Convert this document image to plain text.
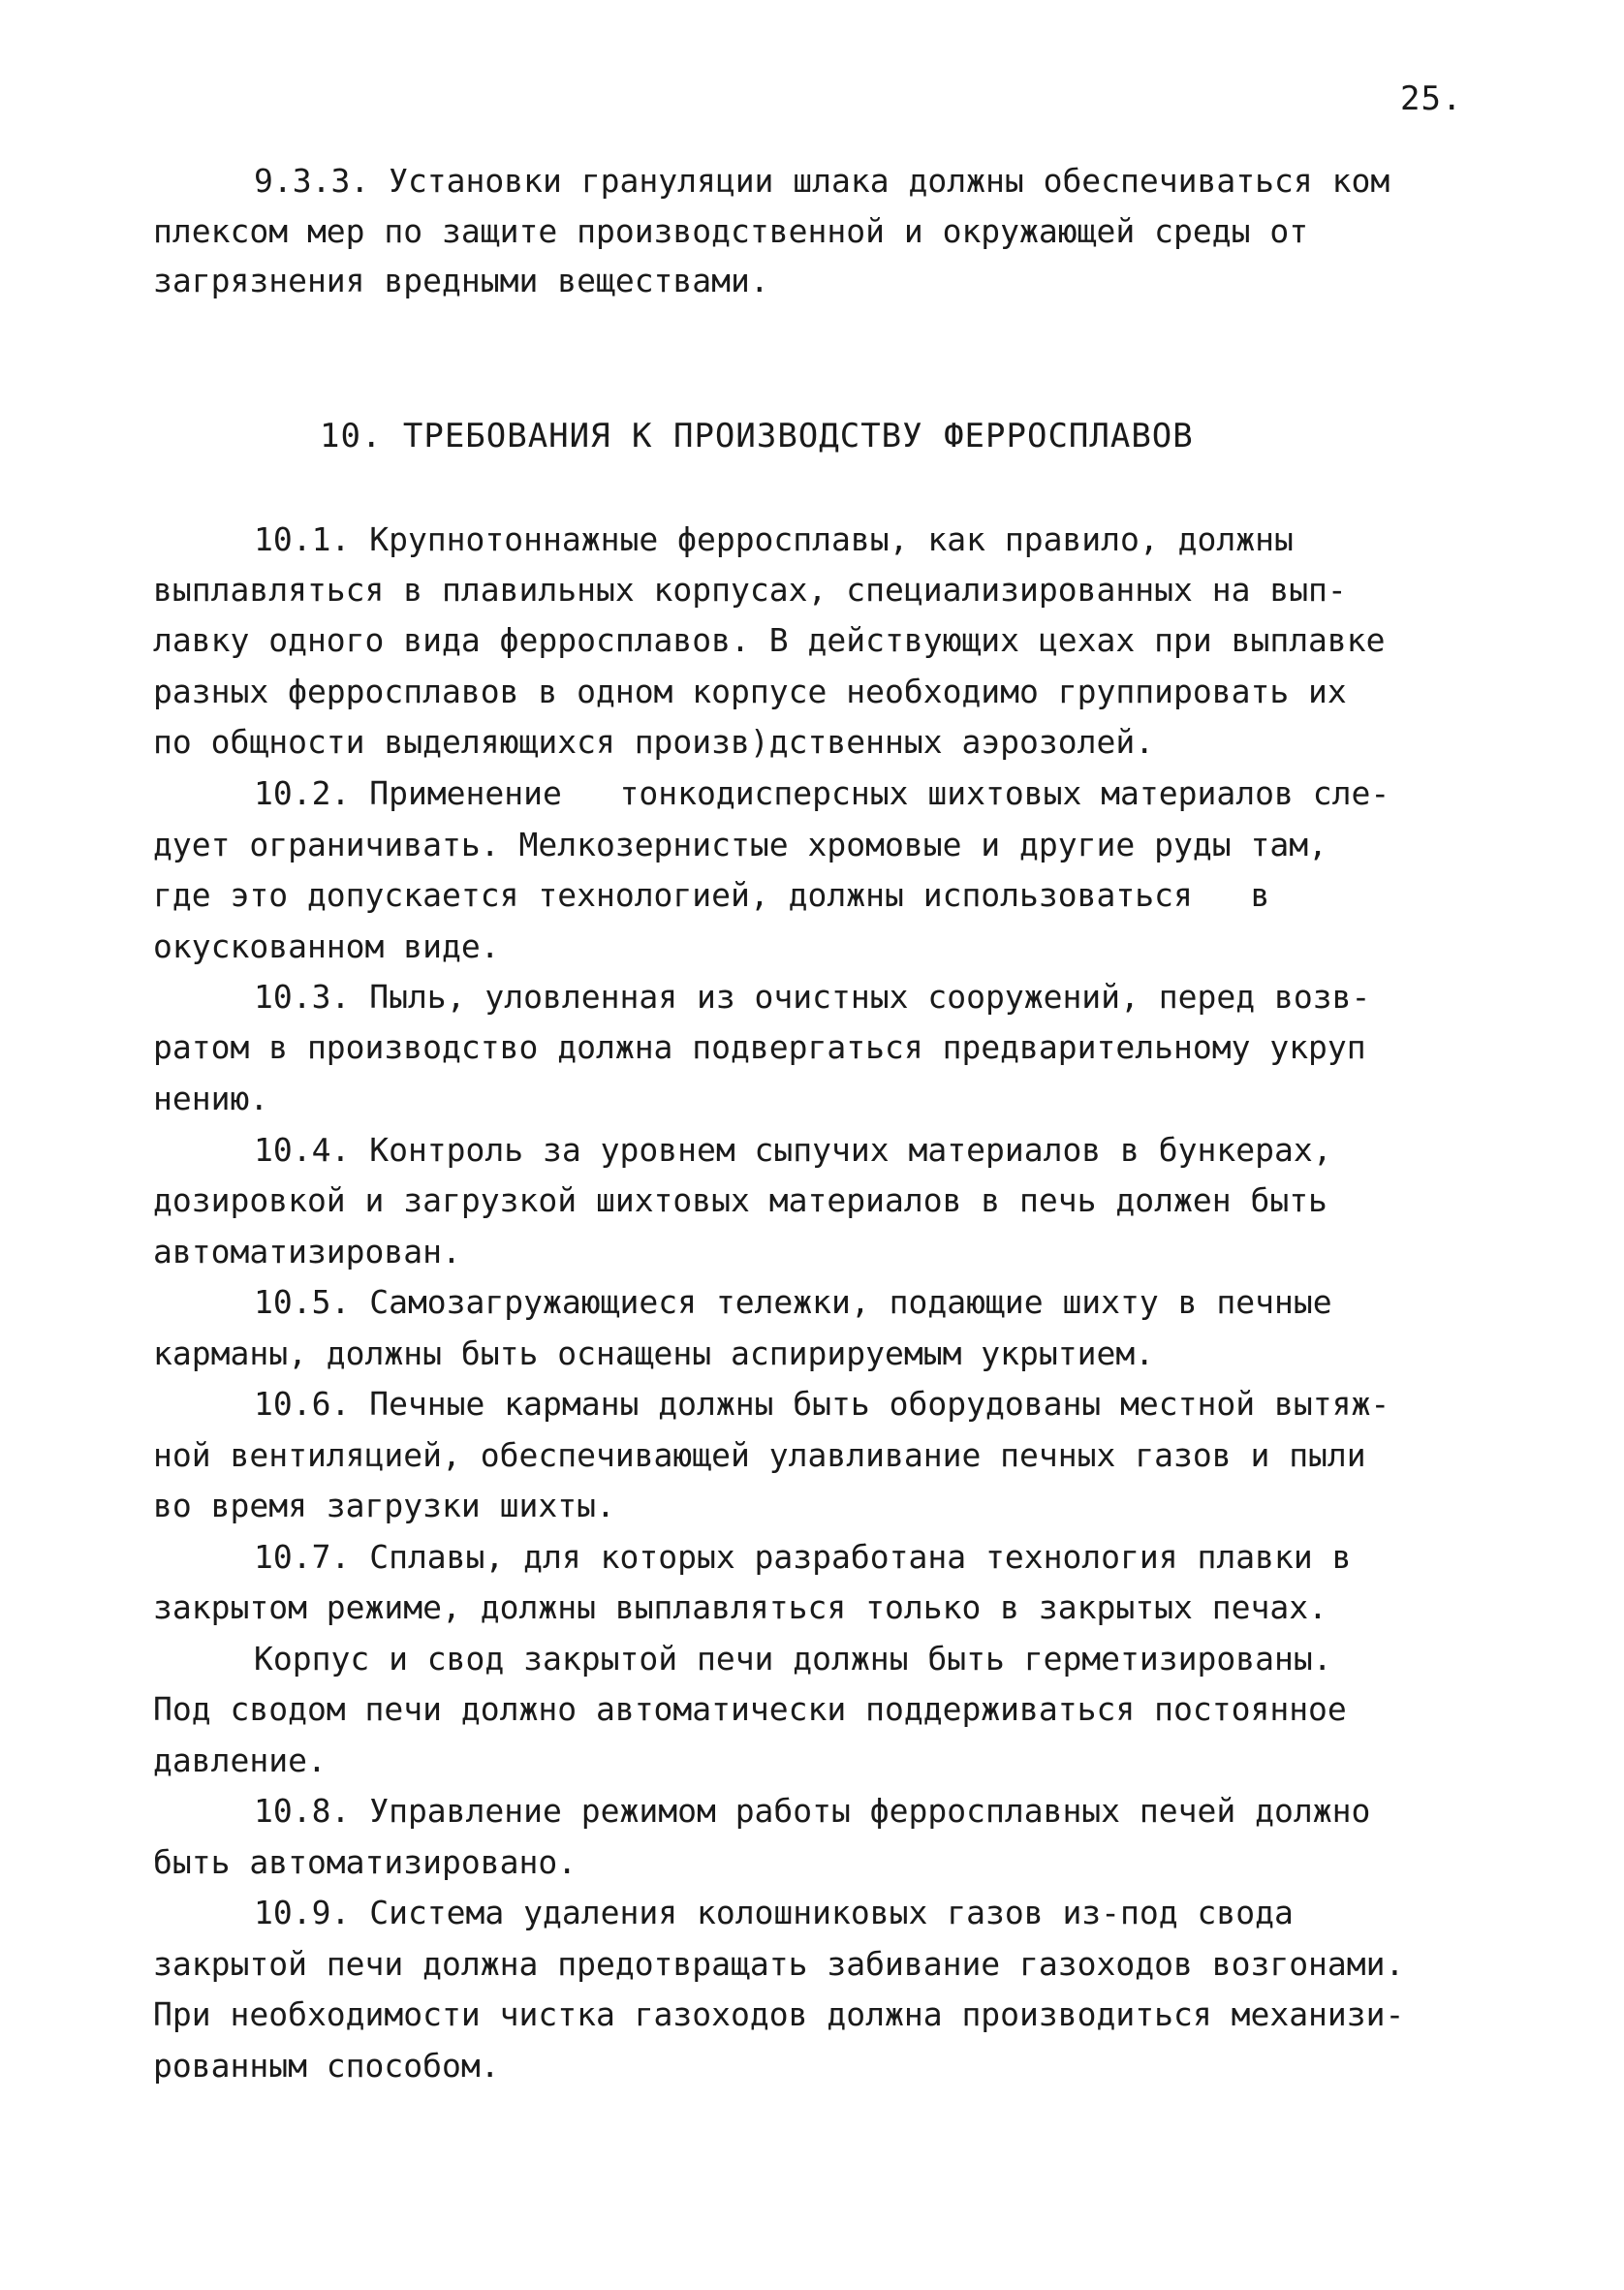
25.
9.3.3. Установки грануляции шлака должны обеспечиваться ком
плексом мер по защите производственной и окружающей среды от
загрязнения вредными веществами.
10. ТРЕБОВАНИЯ К ПРОИЗВОДСТВУ ФЕРРОСПЛАВОВ
10.1. Крупнотоннажные ферросплавы, как правило, должны
выплавляться в плавильных корпусах, специализированных на вып-
лавку одного вида ферросплавов. В действующих цехах при выплавке
разных ферросплавов в одном корпусе необходимо группировать их
по общности выделяющихся произв)дственных аэрозолей.
10.2. Применение   тонкодисперсных шихтовых материалов сле-
дует ограничивать. Мелкозернистые хромовые и другие руды там,
где это допускается технологией, должны использоваться   в
окускованном виде.
10.3. Пыль, уловленная из очистных сооружений, перед возв-
ратом в производство должна подвергаться предварительному укруп
нению.
10.4. Контроль за уровнем сыпучих материалов в бункерах,
дозировкой и загрузкой шихтовых материалов в печь должен быть
автоматизирован.
10.5. Самозагружающиеся тележки, подающие шихту в печные
карманы, должны быть оснащены аспирируемым укрытием.
10.6. Печные карманы должны быть оборудованы местной вытяж-
ной вентиляцией, обеспечивающей улавливание печных газов и пыли
во время загрузки шихты.
10.7. Сплавы, для которых разработана технология плавки в
закрытом режиме, должны выплавляться только в закрытых печах.
Корпус и свод закрытой печи должны быть герметизированы.
Под сводом печи должно автоматически поддерживаться постоянное
давление.
10.8. Управление режимом работы ферросплавных печей должно
быть автоматизировано.
10.9. Система удаления колошниковых газов из-под свода
закрытой печи должна предотвращать забивание газоходов возгонами.
При необходимости чистка газоходов должна производиться механизи-
рованным способом.
